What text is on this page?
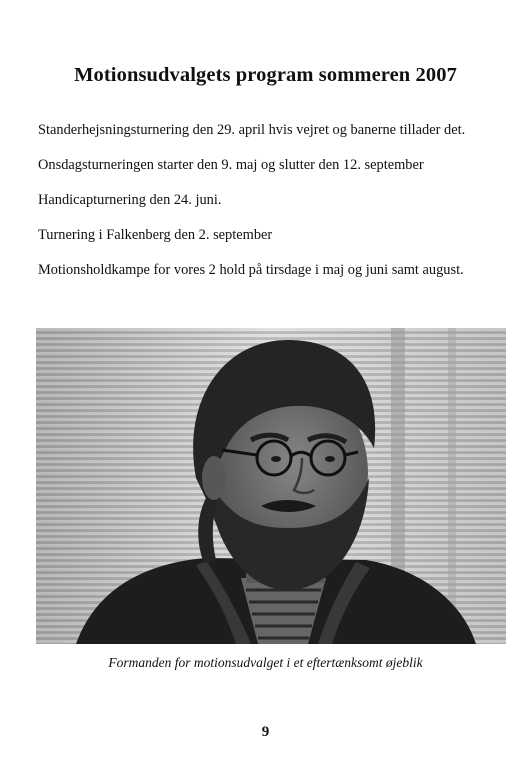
Motionsudvalgets program sommeren 2007

Standerhejsningsturnering den 29. april hvis vejret og banerne tillader det.

Onsdagsturneringen starter den 9. maj og slutter den 12. september

Handicapturnering den 24. juni.

Turnering i Falkenberg den 2. september

Motionsholdkampe for vores 2 hold på tirsdage i maj og juni samt august.

Formanden for motionsudvalget i et eftertænksomt øjeblik
9
